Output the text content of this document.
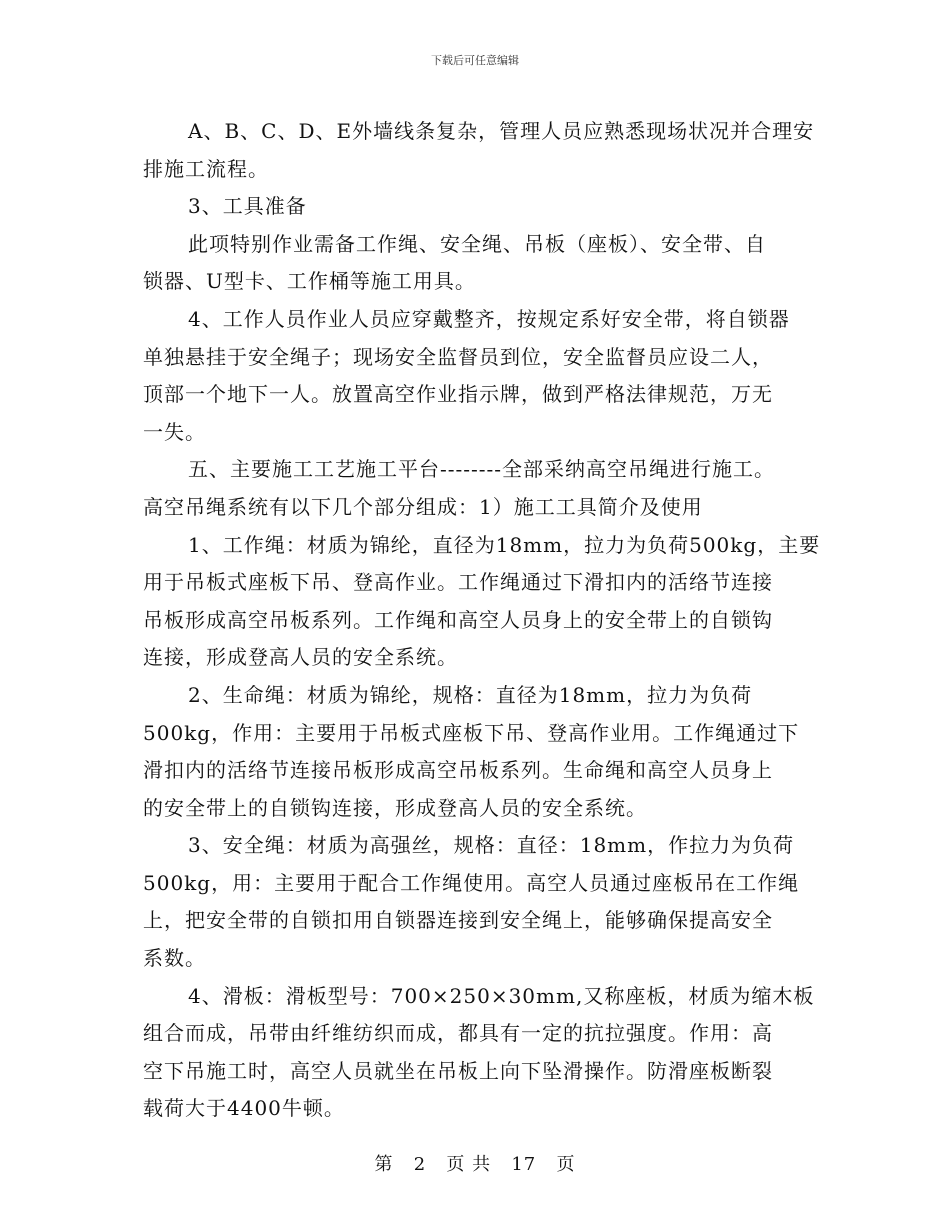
下载后可任意编辑

A、B、C、D、E外墙线条复杂，管理人员应熟悉现场状况并合理安
排施工流程。

3、工具准备

此项特别作业需备工作绳、安全绳、吊板（座板）、安全带、自
锁器、U型卡、工作桶等施工用具。

4、工作人员作业人员应穿戴整齐，按规定系好安全带，将自锁器
单独悬挂于安全绳子；现场安全监督员到位，安全监督员应设二人，
顶部一个地下一人。放置高空作业指示牌，做到严格法律规范，万无
一失。

五、主要施工工艺施工平台--------全部采纳高空吊绳进行施工。
高空吊绳系统有以下几个部分组成：1）施工工具简介及使用

1、工作绳：材质为锦纶，直径为18mm，拉力为负荷500kg，主要
用于吊板式座板下吊、登高作业。工作绳通过下滑扣内的活络节连接
吊板形成高空吊板系列。工作绳和高空人员身上的安全带上的自锁钩
连接，形成登高人员的安全系统。

2、生命绳：材质为锦纶，规格：直径为18mm，拉力为负荷
500kg，作用：主要用于吊板式座板下吊、登高作业用。工作绳通过下
滑扣内的活络节连接吊板形成高空吊板系列。生命绳和高空人员身上
的安全带上的自锁钩连接，形成登高人员的安全系统。

3、安全绳：材质为高强丝，规格：直径：18mm，作拉力为负荷
500kg，用：主要用于配合工作绳使用。高空人员通过座板吊在工作绳
上，把安全带的自锁扣用自锁器连接到安全绳上，能够确保提高安全
系数。

4、滑板：滑板型号：700×250×30mm,又称座板，材质为缩木板
组合而成，吊带由纤维纺织而成，都具有一定的抗拉强度。作用：高
空下吊施工时，高空人员就坐在吊板上向下坠滑操作。防滑座板断裂
载荷大于4400牛顿。

第 2 页 共 17 页
